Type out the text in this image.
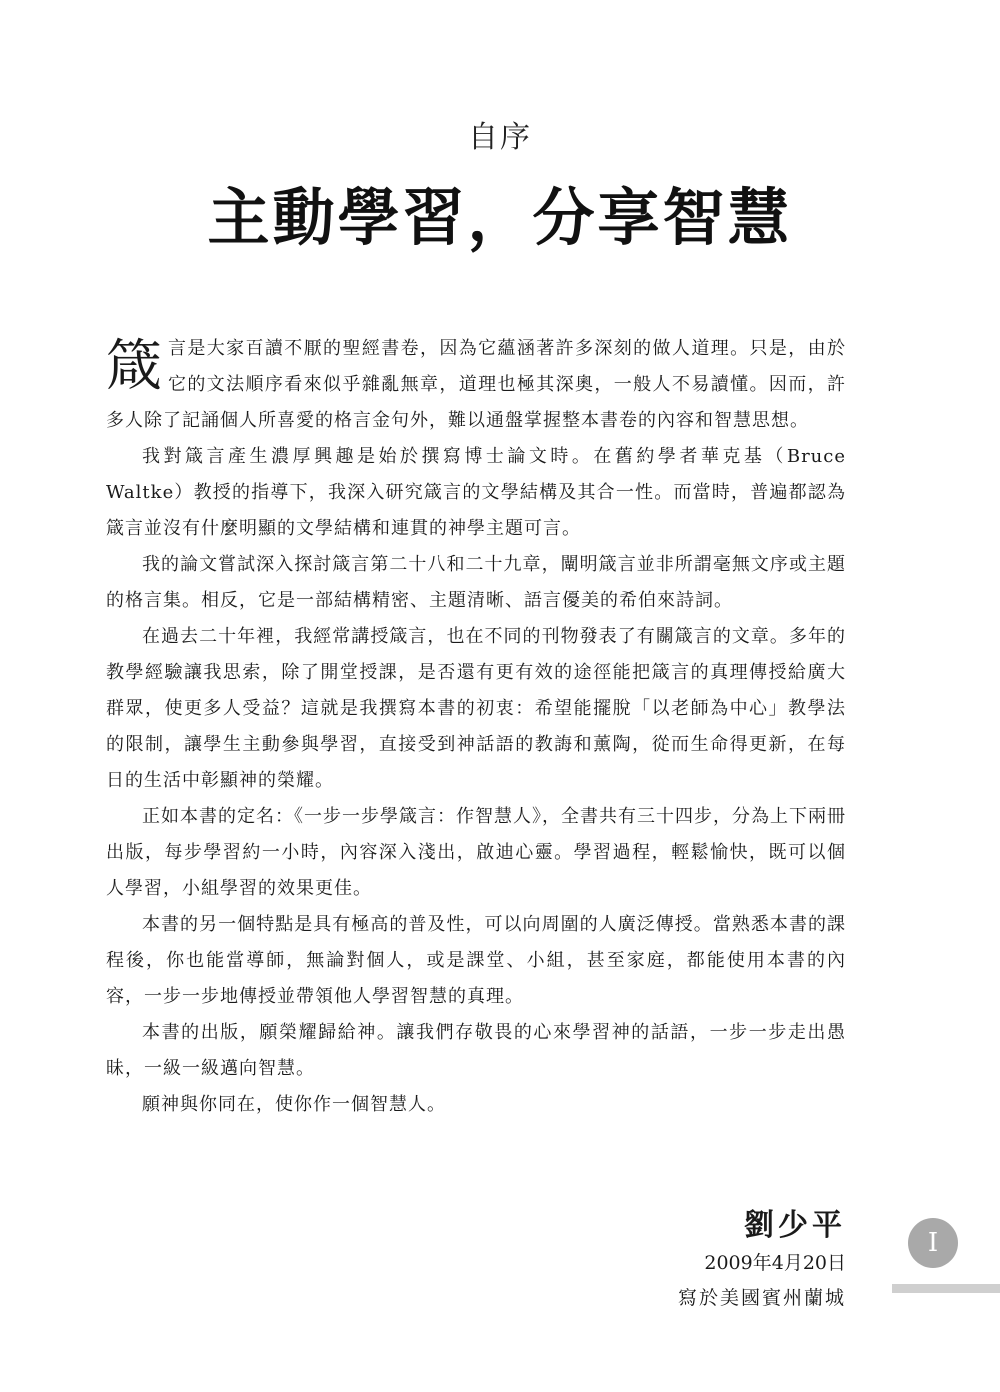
自序
主動學習，分享智慧

箴言是大家百讀不厭的聖經書卷，因為它蘊涵著許多深刻的做人道理。只是，由於它的文法順序看來似乎雜亂無章，道理也極其深奧，一般人不易讀懂。因而，許多人除了記誦個人所喜愛的格言金句外，難以通盤掌握整本書卷的內容和智慧思想。

我對箴言產生濃厚興趣是始於撰寫博士論文時。在舊約學者華克基（Bruce Waltke）教授的指導下，我深入研究箴言的文學結構及其合一性。而當時，普遍都認為箴言並沒有什麼明顯的文學結構和連貫的神學主題可言。

我的論文嘗試深入探討箴言第二十八和二十九章，闡明箴言並非所謂毫無文序或主題的格言集。相反，它是一部結構精密、主題清晰、語言優美的希伯來詩詞。

在過去二十年裡，我經常講授箴言，也在不同的刊物發表了有關箴言的文章。多年的教學經驗讓我思索，除了開堂授課，是否還有更有效的途徑能把箴言的真理傳授給廣大群眾，使更多人受益？這就是我撰寫本書的初衷：希望能擺脫「以老師為中心」教學法的限制，讓學生主動參與學習，直接受到神話語的教誨和薰陶，從而生命得更新，在每日的生活中彰顯神的榮耀。

正如本書的定名：《一步一步學箴言：作智慧人》，全書共有三十四步，分為上下兩冊出版，每步學習約一小時，內容深入淺出，啟迪心靈。學習過程，輕鬆愉快，既可以個人學習，小組學習的效果更佳。

本書的另一個特點是具有極高的普及性，可以向周圍的人廣泛傳授。當熟悉本書的課程後，你也能當導師，無論對個人，或是課堂、小組，甚至家庭，都能使用本書的內容，一步一步地傳授並帶領他人學習智慧的真理。

本書的出版，願榮耀歸給神。讓我們存敬畏的心來學習神的話語，一步一步走出愚昧，一級一級邁向智慧。

願神與你同在，使你作一個智慧人。

劉少平
2009年4月20日
寫於美國賓州蘭城
I
